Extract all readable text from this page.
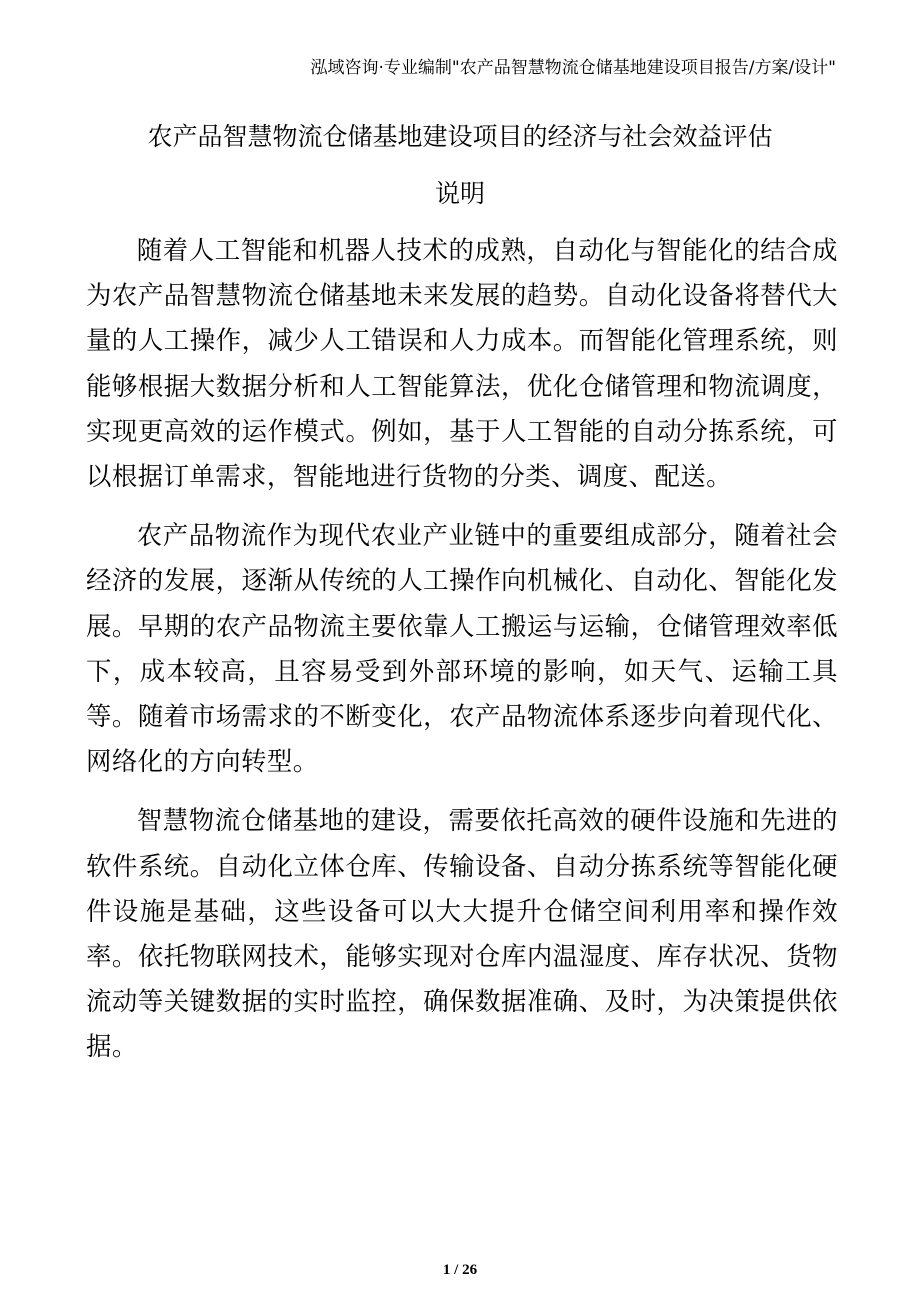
泓域咨询·专业编制"农产品智慧物流仓储基地建设项目报告/方案/设计"
农产品智慧物流仓储基地建设项目的经济与社会效益评估
说明

随着人工智能和机器人技术的成熟，自动化与智能化的结合成为农产品智慧物流仓储基地未来发展的趋势。自动化设备将替代大量的人工操作，减少人工错误和人力成本。而智能化管理系统，则能够根据大数据分析和人工智能算法，优化仓储管理和物流调度，实现更高效的运作模式。例如，基于人工智能的自动分拣系统，可以根据订单需求，智能地进行货物的分类、调度、配送。

农产品物流作为现代农业产业链中的重要组成部分，随着社会经济的发展，逐渐从传统的人工操作向机械化、自动化、智能化发展。早期的农产品物流主要依靠人工搬运与运输，仓储管理效率低下，成本较高，且容易受到外部环境的影响，如天气、运输工具等。随着市场需求的不断变化，农产品物流体系逐步向着现代化、网络化的方向转型。

智慧物流仓储基地的建设，需要依托高效的硬件设施和先进的软件系统。自动化立体仓库、传输设备、自动分拣系统等智能化硬件设施是基础，这些设备可以大大提升仓储空间利用率和操作效率。依托物联网技术，能够实现对仓库内温湿度、库存状况、货物流动等关键数据的实时监控，确保数据准确、及时，为决策提供依据。

1 / 26
